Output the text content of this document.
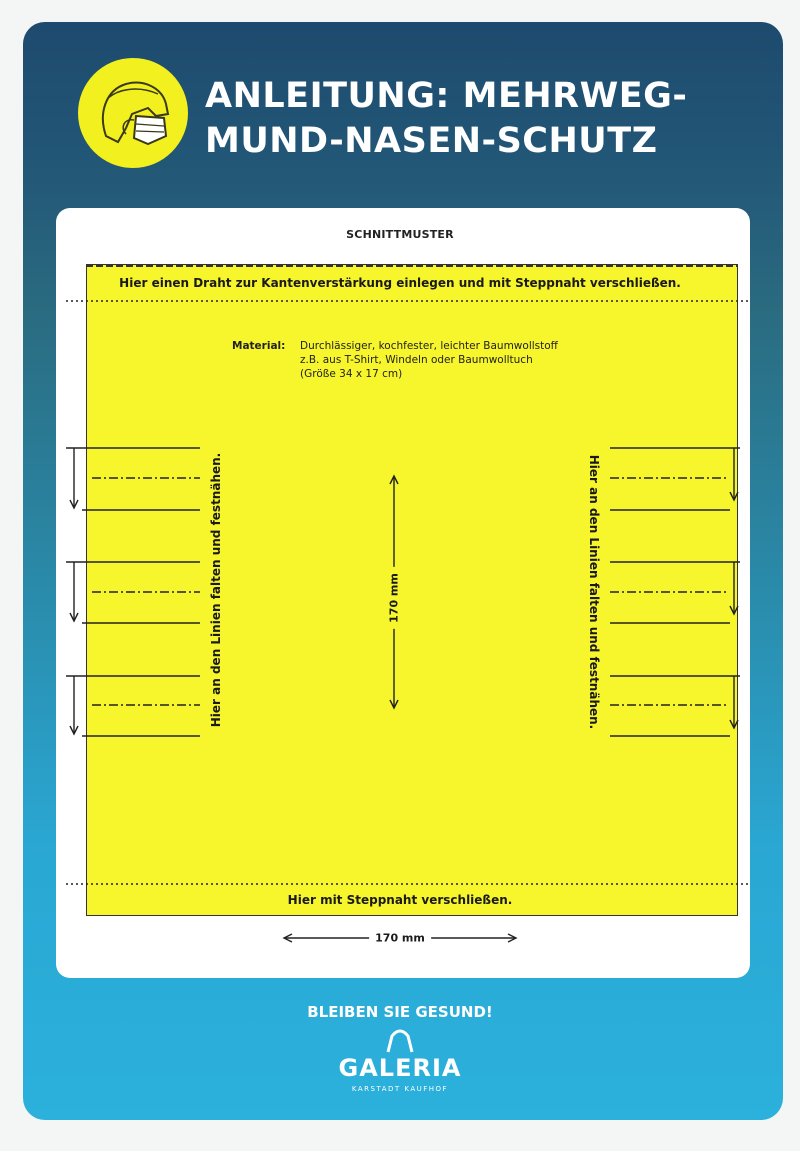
ANLEITUNG: MEHRWEG-
MUND-NASEN-SCHUTZ
SCHNITTMUSTER
Hier einen Draht zur Kantenverstärkung einlegen und mit Steppnaht verschließen.
Material: Durchlässiger, kochfester, leichter Baumwollstoff
z.B. aus T-Shirt, Windeln oder Baumwolltuch
(Größe 34 x 17 cm)
Hier an den Linien falten und festnähen.	Hier an den Linien falten und festnähen.
170 mm
Hier mit Steppnaht verschließen.
170 mm
BLEIBEN SIE GESUND!
GALERIA
KARSTADT KAUFHOF
